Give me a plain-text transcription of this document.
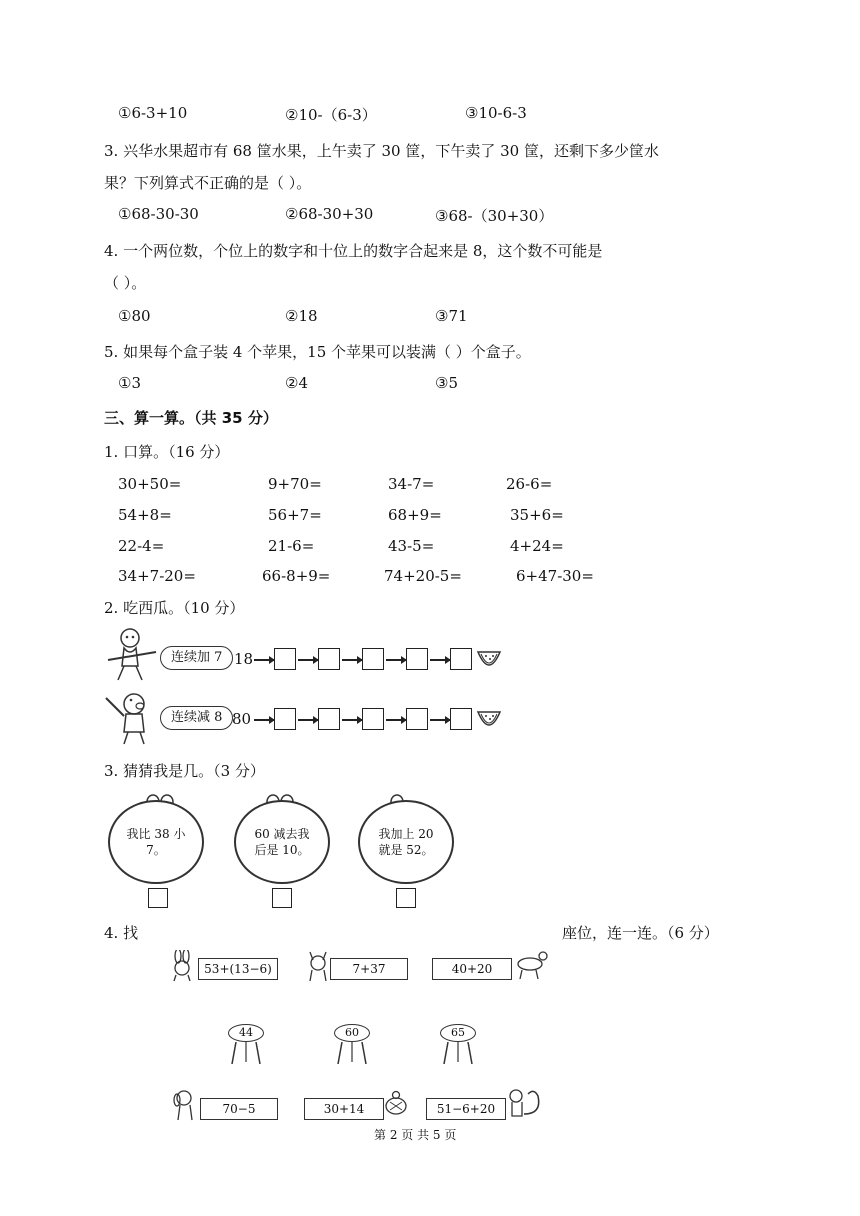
①6-3+10	②10-（6-3）	③10-6-3
3. 兴华水果超市有 68 筐水果，上午卖了 30 筐，下午卖了 30 筐，还剩下多少筐水
果？下列算式不正确的是（ ）。
①68-30-30	②68-30+30	③68-（30+30）
4. 一个两位数，个位上的数字和十位上的数字合起来是 8，这个数不可能是
（ ）。
①80	②18	③71
5. 如果每个盒子装 4 个苹果，15 个苹果可以装满（ ）个盒子。
①3	②4	③5
三、算一算。（共 35 分）
1. 口算。（16 分）
30+50=	9+70=	34-7=	26-6=
54+8=	56+7=	68+9=	35+6=
22-4=	21-6=	43-5=	4+24=
34+7-20=	66-8+9=	74+20-5=	6+47-30=
2. 吃西瓜。（10 分）
连续加 7 18
连续减 8 80
3. 猜猜我是几。（3 分）
我比 38 小 7。
60 减去我后是 10。
我加上 20 就是 52。
4. 找	座位，连一连。（6 分）
53+(13−6)	7+37	40+20
44	60	65
70−5	30+14	51−6+20
第 2 页 共 5 页
